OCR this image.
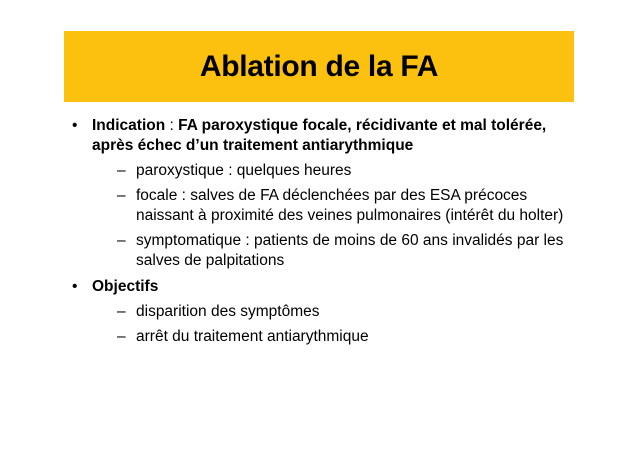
Ablation de la FA
• Indication : FA paroxystique focale, récidivante et mal tolérée, après échec d’un traitement antiarythmique
– paroxystique : quelques heures
– focale : salves de FA déclenchées par des ESA précoces naissant à proximité des veines pulmonaires (intérêt du holter)
– symptomatique : patients de moins de 60 ans invalidés par les salves de palpitations
• Objectifs
– disparition des symptômes
– arrêt du traitement antiarythmique
